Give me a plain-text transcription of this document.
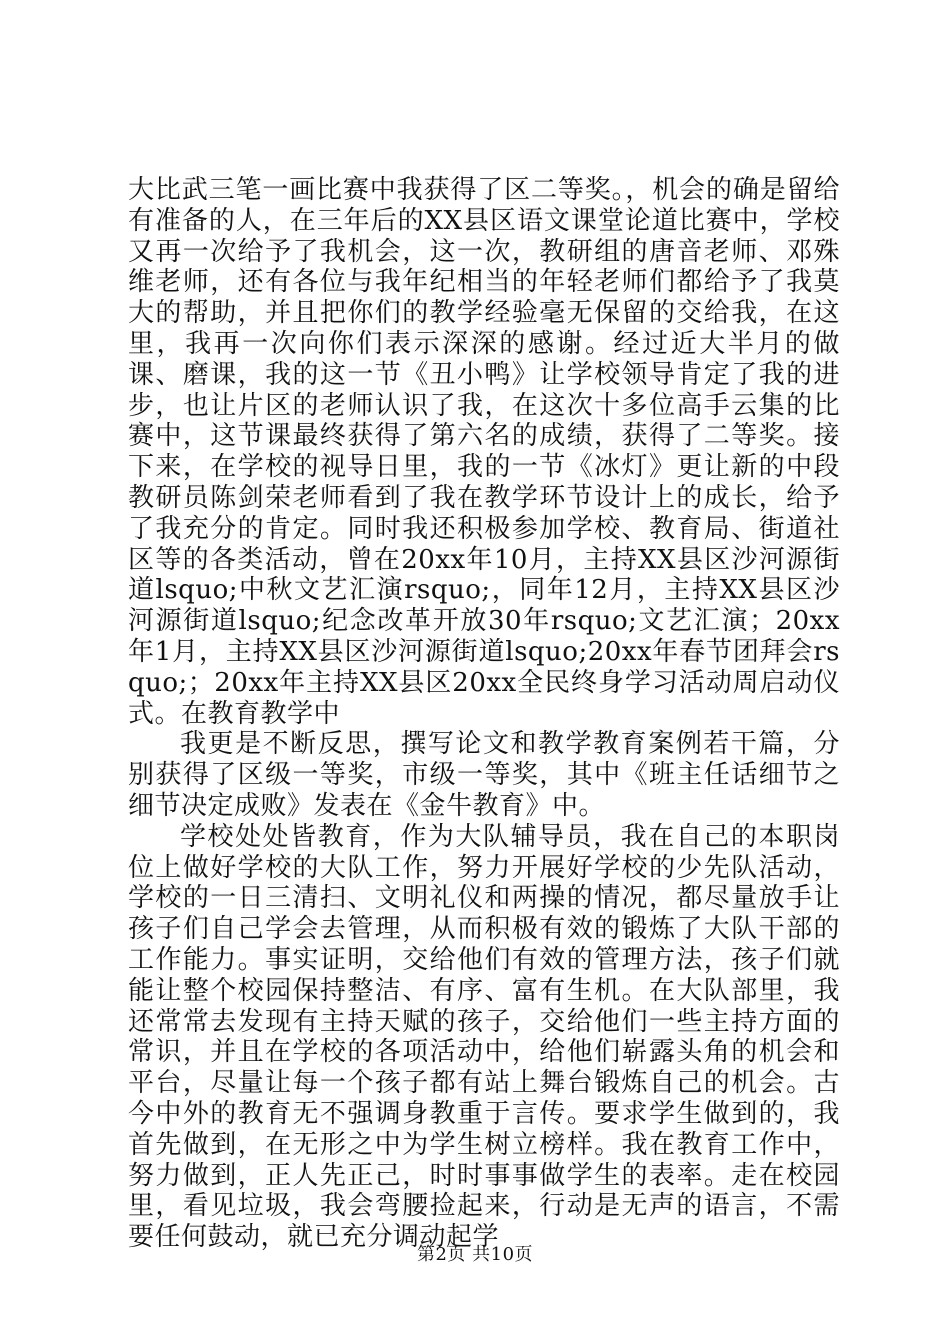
大比武三笔一画比赛中我获得了区二等奖。，机会的确是留给有准备的人，在三年后的XX县区语文课堂论道比赛中，学校又再一次给予了我机会，这一次，教研组的唐音老师、邓殊维老师，还有各位与我年纪相当的年轻老师们都给予了我莫大的帮助，并且把你们的教学经验毫无保留的交给我，在这里，我再一次向你们表示深深的感谢。经过近大半月的做课、磨课，我的这一节《丑小鸭》让学校领导肯定了我的进步，也让片区的老师认识了我，在这次十多位高手云集的比赛中，这节课最终获得了第六名的成绩，获得了二等奖。接下来，在学校的视导日里，我的一节《冰灯》更让新的中段教研员陈剑荣老师看到了我在教学环节设计上的成长，给予了我充分的肯定。同时我还积极参加学校、教育局、街道社区等的各类活动，曾在20xx年10月，主持XX县区沙河源街道lsquo;中秋文艺汇演rsquo;，同年12月，主持XX县区沙河源街道lsquo;纪念改革开放30年rsquo;文艺汇演；20xx年1月，主持XX县区沙河源街道lsquo;20xx年春节团拜会rsquo;；20xx年主持XX县区20xx全民终身学习活动周启动仪式。在教育教学中

我更是不断反思，撰写论文和教学教育案例若干篇，分别获得了区级一等奖，市级一等奖，其中《班主任话细节之细节决定成败》发表在《金牛教育》中。

学校处处皆教育，作为大队辅导员，我在自己的本职岗位上做好学校的大队工作，努力开展好学校的少先队活动，学校的一日三清扫、文明礼仪和两操的情况，都尽量放手让孩子们自己学会去管理，从而积极有效的锻炼了大队干部的工作能力。事实证明，交给他们有效的管理方法，孩子们就能让整个校园保持整洁、有序、富有生机。在大队部里，我还常常去发现有主持天赋的孩子，交给他们一些主持方面的常识，并且在学校的各项活动中，给他们崭露头角的机会和平台，尽量让每一个孩子都有站上舞台锻炼自己的机会。古今中外的教育无不强调身教重于言传。要求学生做到的，我首先做到，在无形之中为学生树立榜样。我在教育工作中，努力做到，正人先正己，时时事事做学生的表率。走在校园里，看见垃圾，我会弯腰捡起来，行动是无声的语言，不需要任何鼓动，就已充分调动起学

第2页 共10页
